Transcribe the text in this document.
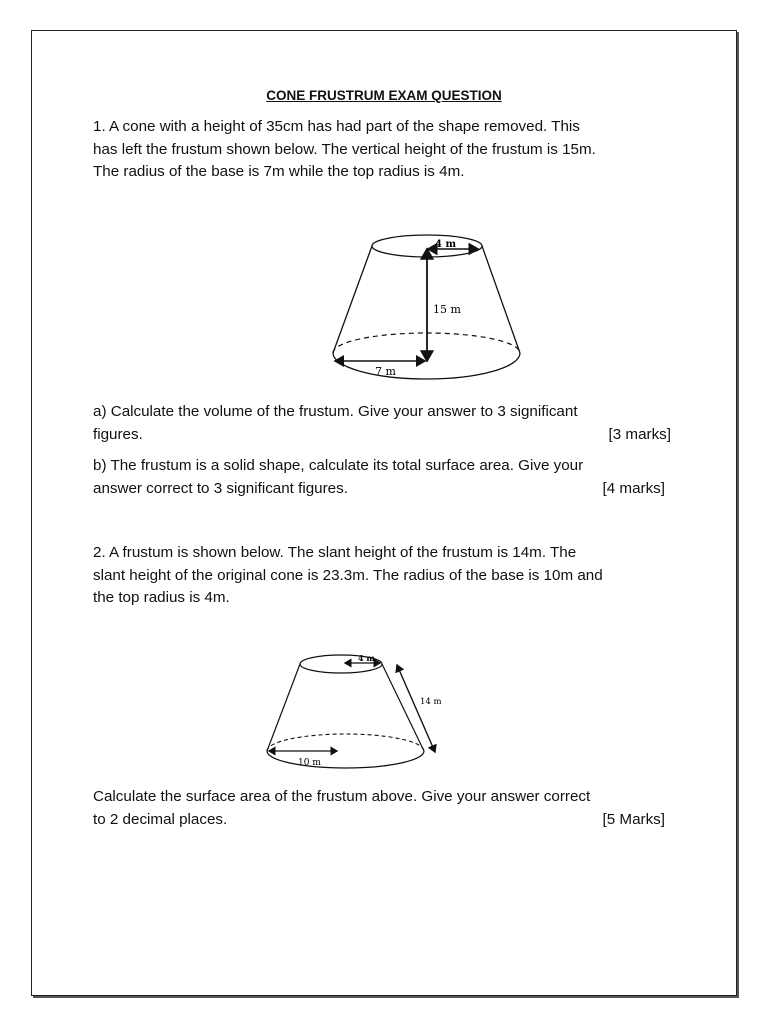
CONE FRUSTRUM EXAM QUESTION
1. A cone with a height of 35cm has had part of the shape removed. This
has left the frustum shown below. The vertical height of the frustum is 15m.
The radius of the base is 7m while the top radius is 4m.
4 m
15 m
7 m
a) Calculate the volume of the frustum. Give your answer to 3 significant
figures.	[3 marks]
b) The frustum is a solid shape, calculate its total surface area. Give your
answer correct to 3 significant figures.	[4 marks]
2. A frustum is shown below. The slant height of the frustum is 14m. The
slant height of the original cone is 23.3m. The radius of the base is 10m and
the top radius is 4m.
4 m
14 m
10 m
Calculate the surface area of the frustum above. Give your answer correct
to 2 decimal places.	[5 Marks]
